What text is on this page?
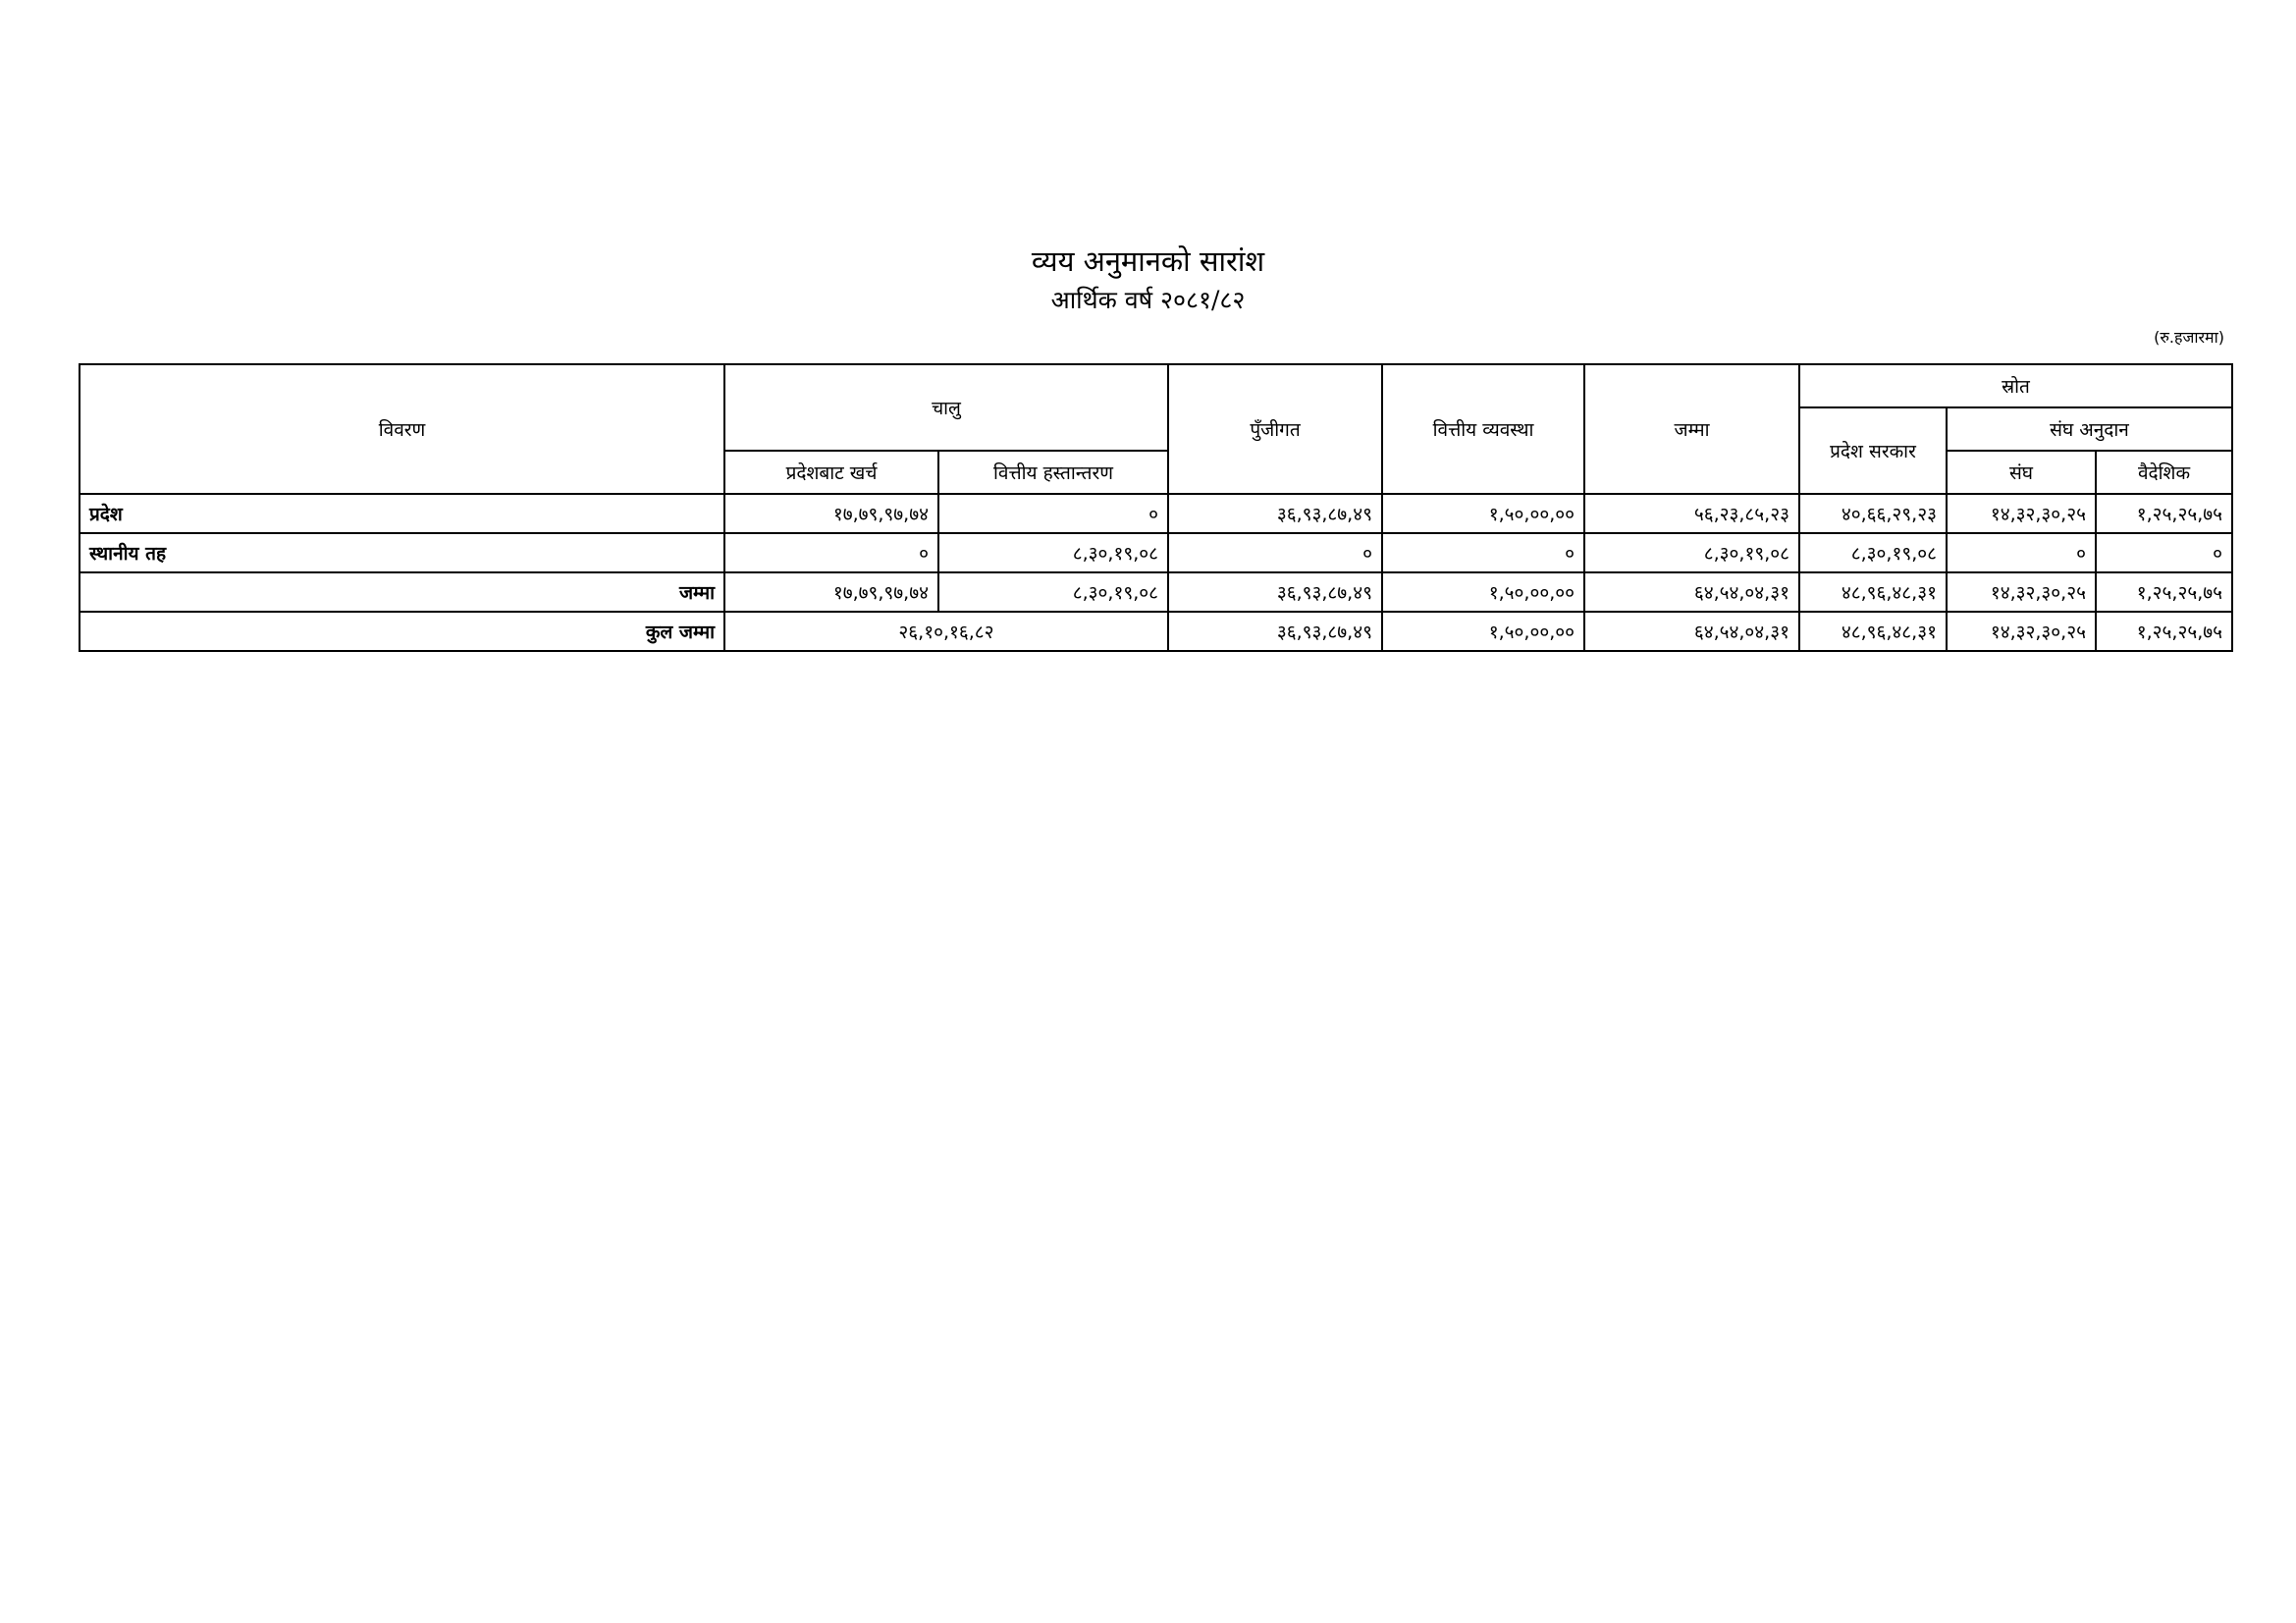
व्यय अनुमानको सारांश
आर्थिक वर्ष २०८१/८२
(रु.हजारमा)
विवरण	चालु		पुँजीगत	वित्तीय व्यवस्था	जम्मा	स्रोत		
						प्रदेश सरकार	संघ अनुदान	
	प्रदेशबाट खर्च	वित्तीय हस्तान्तरण					संघ	वैदेशिक
प्रदेश	१७,७९,९७,७४	०	३६,९३,८७,४९	१,५०,००,००	५६,२३,८५,२३	४०,६६,२९,२३	१४,३२,३०,२५	१,२५,२५,७५
स्थानीय तह	०	८,३०,१९,०८	०	०	८,३०,१९,०८	८,३०,१९,०८	०	०
जम्मा	१७,७९,९७,७४	८,३०,१९,०८	३६,९३,८७,४९	१,५०,००,००	६४,५४,०४,३१	४८,९६,४८,३१	१४,३२,३०,२५	१,२५,२५,७५
कुल जम्मा	२६,१०,१६,८२		३६,९३,८७,४९	१,५०,००,००	६४,५४,०४,३१	४८,९६,४८,३१	१४,३२,३०,२५	१,२५,२५,७५
